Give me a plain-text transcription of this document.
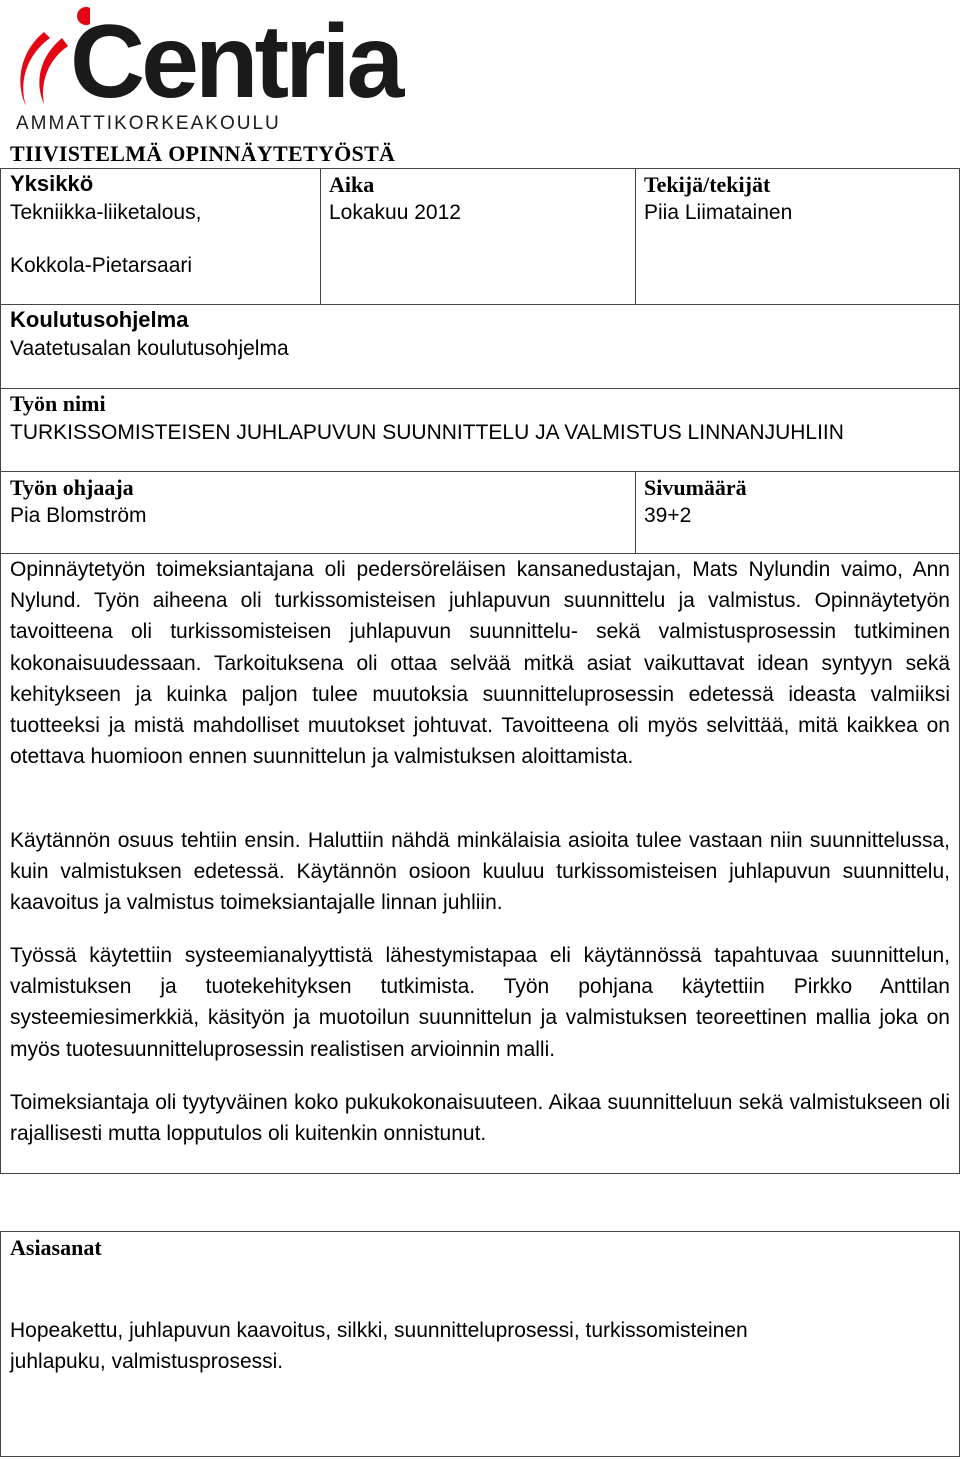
Centria
AMMATTIKORKEAKOULU
TIIVISTELMÄ OPINNÄYTETYÖSTÄ
Yksikkö
Tekniikka-liiketalous,
Kokkola-Pietarsaari
Aika
Lokakuu 2012
Tekijä/tekijät
Piia Liimatainen
Koulutusohjelma
Vaatetusalan koulutusohjelma
Työn nimi
TURKISSOMISTEISEN JUHLAPUVUN SUUNNITTELU JA VALMISTUS LINNANJUHLIIN
Työn ohjaaja
Pia Blomström
Sivumäärä
39+2

Opinnäytetyön toimeksiantajana oli pedersöreläisen kansanedustajan, Mats Nylundin vaimo, Ann Nylund. Työn aiheena oli turkissomisteisen juhlapuvun suunnittelu ja valmistus. Opinnäytetyön tavoitteena oli turkissomisteisen juhlapuvun suunnittelu- sekä valmistusprosessin tutkiminen kokonaisuudessaan. Tarkoituksena oli ottaa selvää mitkä asiat vaikuttavat idean syntyyn sekä kehitykseen ja kuinka paljon tulee muutoksia suunnitteluprosessin edetessä ideasta valmiiksi tuotteeksi ja mistä mahdolliset muutokset johtuvat. Tavoitteena oli myös selvittää, mitä kaikkea on otettava huomioon ennen suunnittelun ja valmistuksen aloittamista.

Käytännön osuus tehtiin ensin. Haluttiin nähdä minkälaisia asioita tulee vastaan niin suunnittelussa, kuin valmistuksen edetessä. Käytännön osioon kuuluu turkissomisteisen juhlapuvun suunnittelu, kaavoitus ja valmistus toimeksiantajalle linnan juhliin.

Työssä käytettiin systeemianalyyttistä lähestymistapaa eli käytännössä tapahtuvaa suunnittelun, valmistuksen ja tuotekehityksen tutkimista. Työn pohjana käytettiin Pirkko Anttilan systeemiesimerkkiä, käsityön ja muotoilun suunnittelun ja valmistuksen teoreettinen mallia joka on myös tuotesuunnitteluprosessin realistisen arvioinnin malli.

Toimeksiantaja oli tyytyväinen koko pukukokonaisuuteen. Aikaa suunnitteluun sekä valmistukseen oli rajallisesti mutta lopputulos oli kuitenkin onnistunut.

Asiasanat
Hopeakettu, juhlapuvun kaavoitus, silkki, suunnitteluprosessi, turkissomisteinen
juhlapuku, valmistusprosessi.
